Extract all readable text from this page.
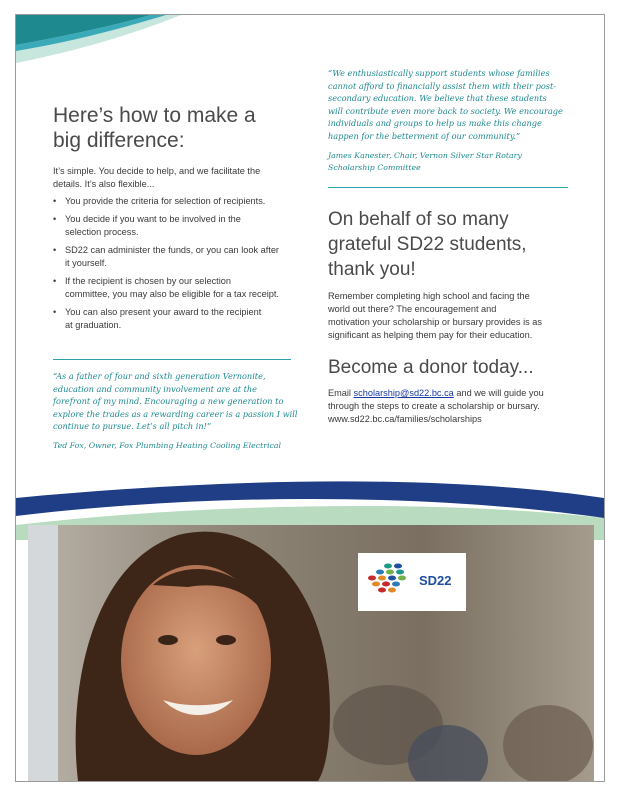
Here’s how to make a
big difference:
It’s simple. You decide to help, and we facilitate the
details. It’s also flexible...
• You provide the criteria for selection of recipients.
• You decide if you want to be involved in the
selection process.
• SD22 can administer the funds, or you can look after
it yourself.
• If the recipient is chosen by our selection
committee, you may also be eligible for a tax receipt.
• You can also present your award to the recipient
at graduation.
“As a father of four and sixth generation Vernonite,
education and community involvement are at the
forefront of my mind. Encouraging a new generation to
explore the trades as a rewarding career is a passion I will
continue to pursue. Let’s all pitch in!”
Ted Fox, Owner, Fox Plumbing Heating Cooling Electrical
“We enthusiastically support students whose families
cannot afford to financially assist them with their post-
secondary education. We believe that these students
will contribute even more back to society. We encourage
individuals and groups to help us make this change
happen for the betterment of our community.”
James Kanester, Chair, Vernon Silver Star Rotary
Scholarship Committee
On behalf of so many
grateful SD22 students,
thank you!
Remember completing high school and facing the
world out there? The encouragement and
motivation your scholarship or bursary provides is as
significant as helping them pay for their education.
Become a donor today...
Email scholarship@sd22.bc.ca and we will guide you
through the steps to create a scholarship or bursary.
www.sd22.bc.ca/families/scholarships
SD22
